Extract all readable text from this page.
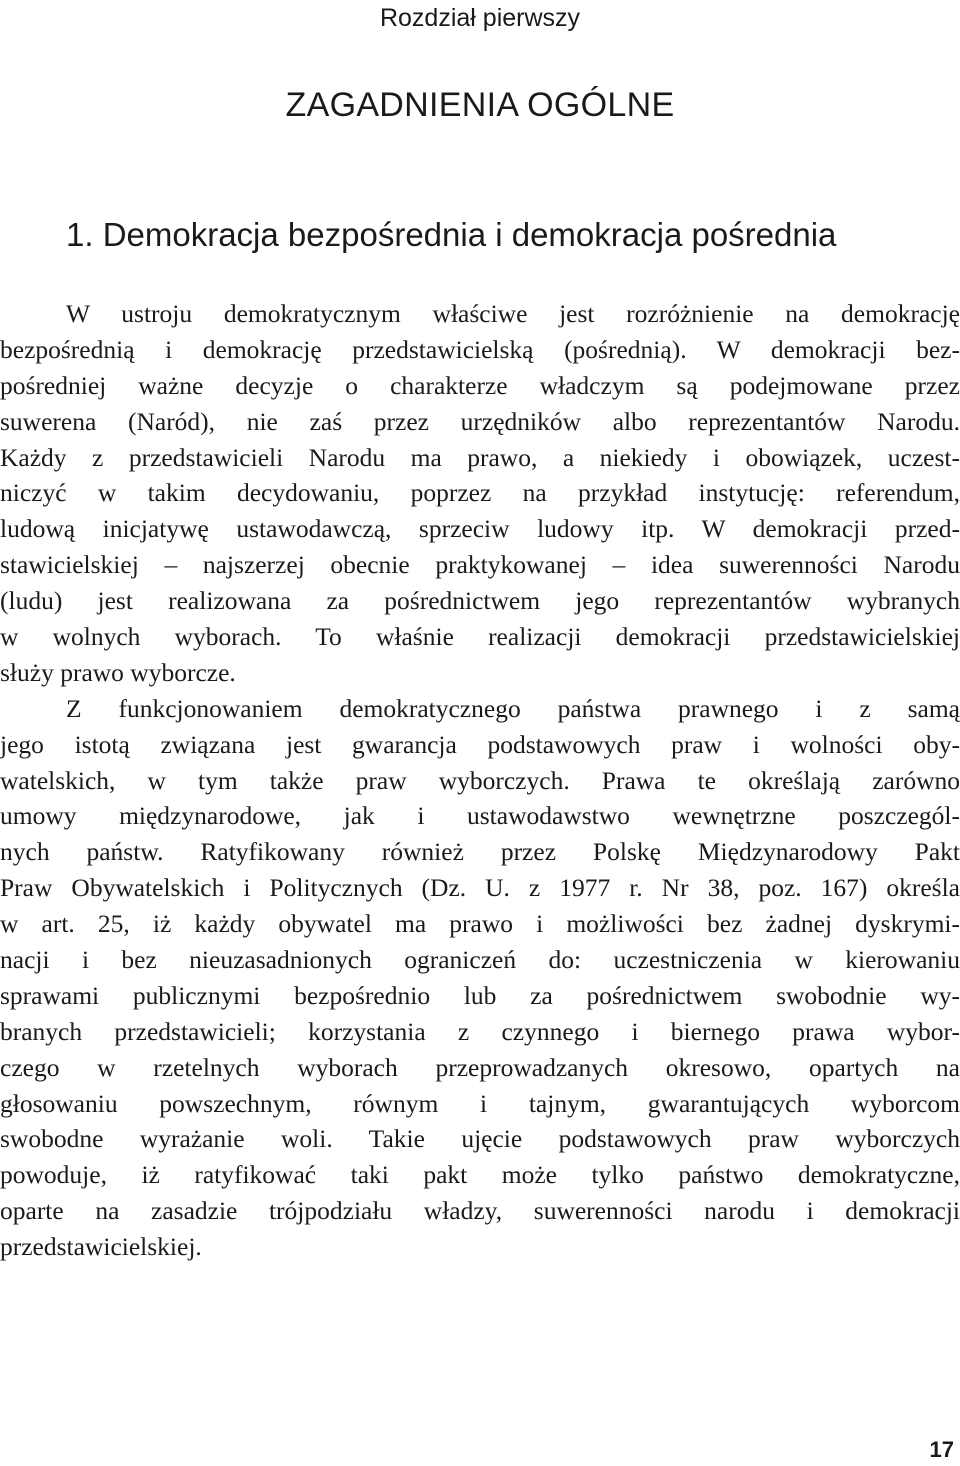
Rozdział pierwszy
ZAGADNIENIA OGÓLNE
1. Demokracja bezpośrednia i demokracja pośrednia
W ustroju demokratycznym właściwe jest rozróżnienie na demokrację
bezpośrednią i demokrację przedstawicielską (pośrednią). W demokracji bez-
pośredniej ważne decyzje o charakterze władczym są podejmowane przez
suwerena (Naród), nie zaś przez urzędników albo reprezentantów Narodu.
Każdy z przedstawicieli Narodu ma prawo, a niekiedy i obowiązek, uczest-
niczyć w takim decydowaniu, poprzez na przykład instytucję: referendum,
ludową inicjatywę ustawodawczą, sprzeciw ludowy itp. W demokracji przed-
stawicielskiej – najszerzej obecnie praktykowanej – idea suwerenności Narodu
(ludu) jest realizowana za pośrednictwem jego reprezentantów wybranych
w wolnych wyborach. To właśnie realizacji demokracji przedstawicielskiej
służy prawo wyborcze.
Z funkcjonowaniem demokratycznego państwa prawnego i z samą
jego istotą związana jest gwarancja podstawowych praw i wolności oby-
watelskich, w tym także praw wyborczych. Prawa te określają zarówno
umowy międzynarodowe, jak i ustawodawstwo wewnętrzne poszczegól-
nych państw. Ratyfikowany również przez Polskę Międzynarodowy Pakt
Praw Obywatelskich i Politycznych (Dz. U. z 1977 r. Nr 38, poz. 167) określa
w art. 25, iż każdy obywatel ma prawo i możliwości bez żadnej dyskrymi-
nacji i bez nieuzasadnionych ograniczeń do: uczestniczenia w kierowaniu
sprawami publicznymi bezpośrednio lub za pośrednictwem swobodnie wy-
branych przedstawicieli; korzystania z czynnego i biernego prawa wybor-
czego w rzetelnych wyborach przeprowadzanych okresowo, opartych na
głosowaniu powszechnym, równym i tajnym, gwarantujących wyborcom
swobodne wyrażanie woli. Takie ujęcie podstawowych praw wyborczych
powoduje, iż ratyfikować taki pakt może tylko państwo demokratyczne,
oparte na zasadzie trójpodziału władzy, suwerenności narodu i demokracji
przedstawicielskiej.
17
